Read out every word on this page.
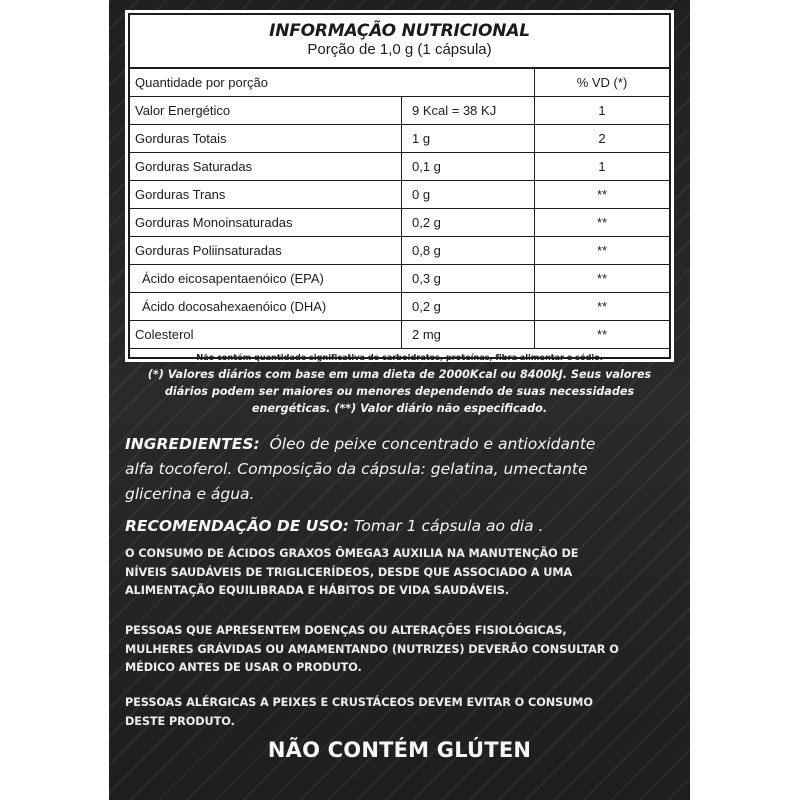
INFORMAÇÃO NUTRICIONAL
Porção de 1,0 g (1 cápsula)
Quantidade por porção	% VD (*)
Valor Energético	9 Kcal = 38 KJ	1
Gorduras Totais	1 g	2
Gorduras Saturadas	0,1 g	1
Gorduras Trans	0 g	**
Gorduras Monoinsaturadas	0,2 g	**
Gorduras Poliinsaturadas	0,8 g	**
Ácido eicosapentaenóico (EPA)	0,3 g	**
Ácido docosahexaenóico (DHA)	0,2 g	**
Colesterol	2 mg	**
Não contém quantidade significativa de carboidratos, proteínas, fibra alimentar e sódio.
(*) Valores diários com base em uma dieta de 2000Kcal ou 8400kJ. Seus valores
diários podem ser maiores ou menores dependendo de suas necessidades
energéticas. (**) Valor diário não especificado.
INGREDIENTES: Óleo de peixe concentrado e antioxidante
alfa tocoferol. Composição da cápsula: gelatina, umectante
glicerina e água.
RECOMENDAÇÃO DE USO: Tomar 1 cápsula ao dia .
O CONSUMO DE ÁCIDOS GRAXOS ÔMEGA3 AUXILIA NA MANUTENÇÃO DE
NÍVEIS SAUDÁVEIS DE TRIGLICERÍDEOS, DESDE QUE ASSOCIADO A UMA
ALIMENTAÇÃO EQUILIBRADA E HÁBITOS DE VIDA SAUDÁVEIS.
PESSOAS QUE APRESENTEM DOENÇAS OU ALTERAÇÕES FISIOLÓGICAS,
MULHERES GRÁVIDAS OU AMAMENTANDO (NUTRIZES) DEVERÃO CONSULTAR O
MÉDICO ANTES DE USAR O PRODUTO.
PESSOAS ALÉRGICAS A PEIXES E CRUSTÁCEOS DEVEM EVITAR O CONSUMO
DESTE PRODUTO.
NÃO CONTÉM GLÚTEN
